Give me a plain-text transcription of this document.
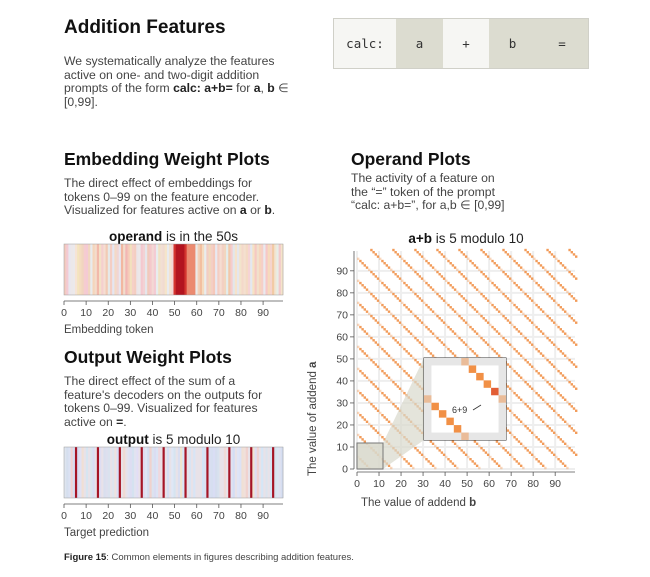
Addition Features
We systematically analyze the features
active on one- and two-digit addition
prompts of the form calc: a+b= for a, b ∈
[0,99].
calc:	a	+	b	=
Embedding Weight Plots
The direct effect of embeddings for
tokens 0–99 on the feature encoder.
Visualized for features active on a or b.
operand is in the 50s
0 10 20 30 40 50 60 70 80 90
Embedding token
Output Weight Plots
The direct effect of the sum of a
feature's decoders on the outputs for
tokens 0–99. Visualized for features
active on =.
output is 5 modulo 10
0 10 20 30 40 50 60 70 80 90
Target prediction
Operand Plots
The activity of a feature on
the “=” token of the prompt
“calc: a+b=”, for a,b ∈ [0,99]
a+b is 5 modulo 10
0
0
10
10
20
20
30
30
40
40
50
50
60
60
70
70
80
80
90
90
6+9
The value of addend b
The value of addend a
Figure 15: Common elements in figures describing addition features.
